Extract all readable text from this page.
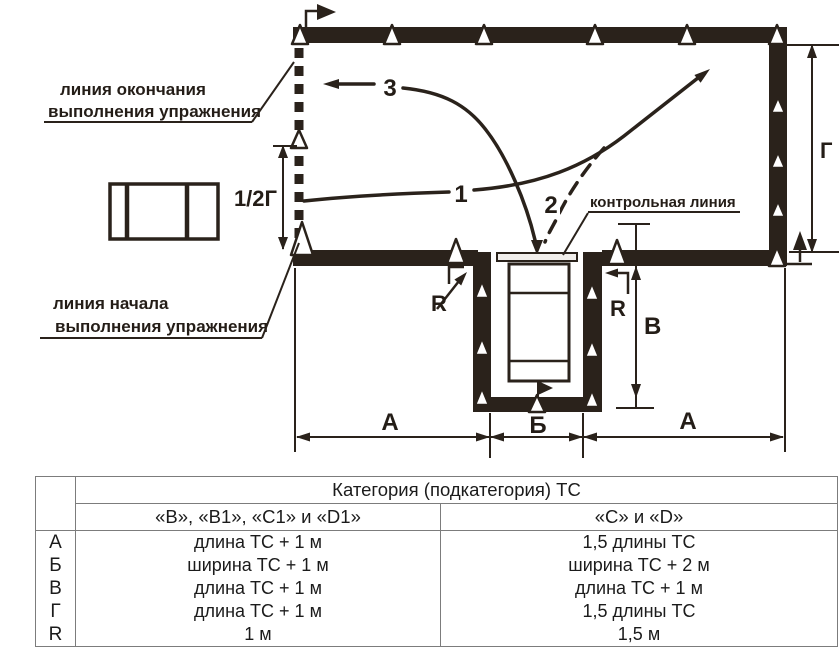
1	2
3
1/2Г
Г
В
А	Б	А
R	R
линия окончания
выполнения упражнения
линия начала
выполнения упражнения
контрольная линия
	Категория (подкатегория) ТС	
	«В», «В1», «С1» и «D1»	«С» и «D»
А	длина ТС + 1 м	1,5 длины ТС
Б	ширина ТС + 1 м	ширина ТС + 2 м
В	длина ТС + 1 м	длина ТС + 1 м
Г	длина ТС + 1 м	1,5 длины ТС
R	1 м	1,5 м
